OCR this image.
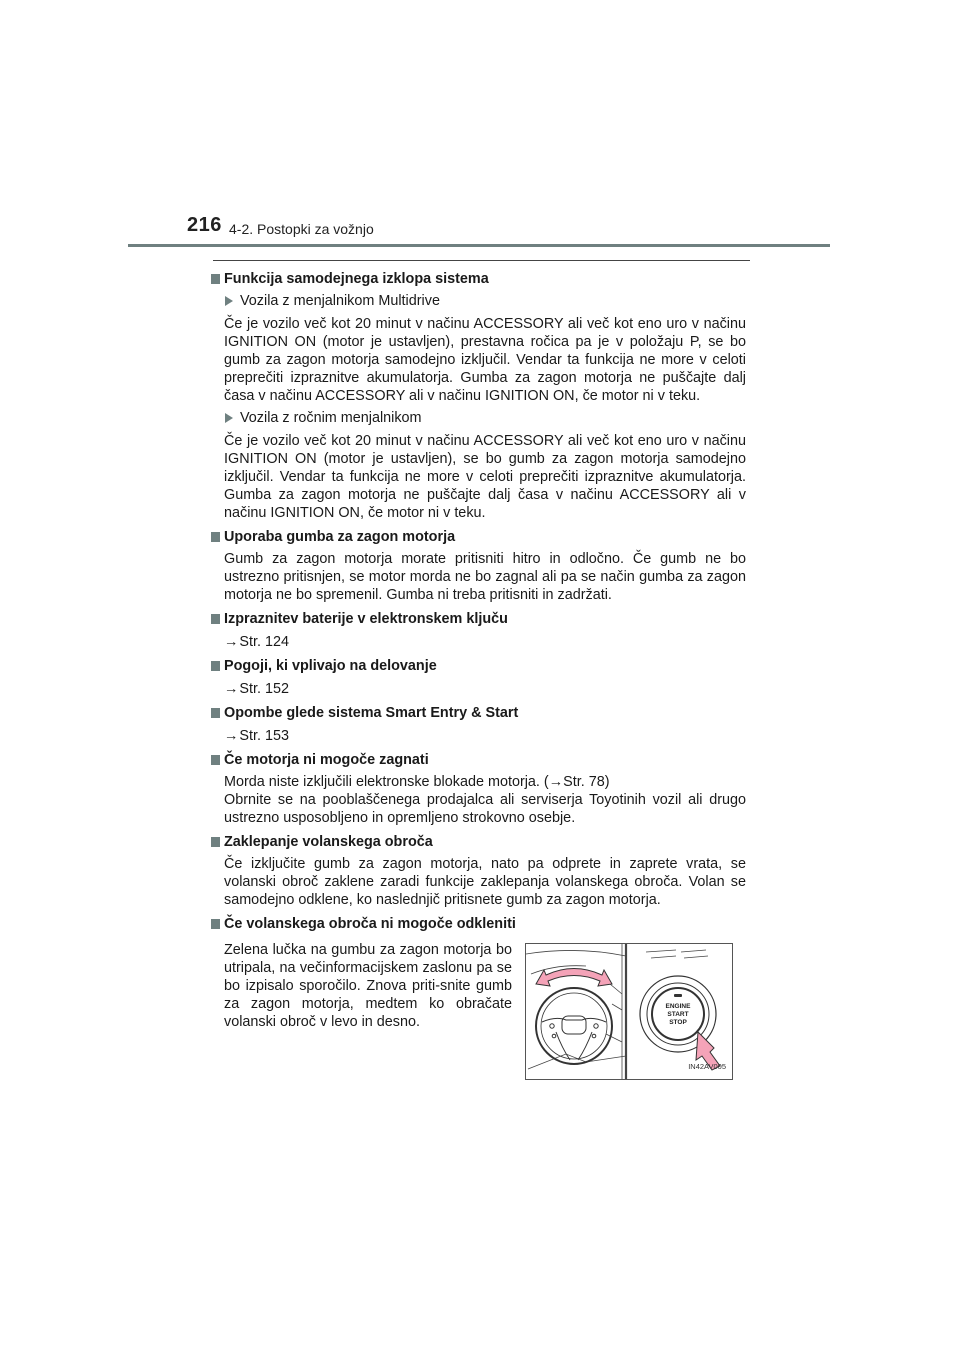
216 4-2. Postopki za vožnjo
Funkcija samodejnega izklopa sistema
Vozila z menjalnikom Multidrive

Če je vozilo več kot 20 minut v načinu ACCESSORY ali več kot eno uro v načinu IGNITION ON (motor je ustavljen), prestavna ročica pa je v položaju P, se bo gumb za zagon motorja samodejno izključil. Vendar ta funkcija ne more v celoti preprečiti izpraznitve akumulatorja. Gumba za zagon motorja ne puščajte dalj časa v načinu ACCESSORY ali v načinu IGNITION ON, če motor ni v teku.

Vozila z ročnim menjalnikom

Če je vozilo več kot 20 minut v načinu ACCESSORY ali več kot eno uro v načinu IGNITION ON (motor je ustavljen), se bo gumb za zagon motorja samodejno izključil. Vendar ta funkcija ne more v celoti preprečiti izpraznitve akumulatorja. Gumba za zagon motorja ne puščajte dalj časa v načinu ACCESSORY ali v načinu IGNITION ON, če motor ni v teku.

Uporaba gumba za zagon motorja

Gumb za zagon motorja morate pritisniti hitro in odločno. Če gumb ne bo ustrezno pritisnjen, se motor morda ne bo zagnal ali pa se način gumba za zagon motorja ne bo spremenil. Gumba ni treba pritisniti in zadržati.

Izpraznitev baterije v elektronskem ključu
→Str. 124
Pogoji, ki vplivajo na delovanje
→Str. 152
Opombe glede sistema Smart Entry & Start
→Str. 153
Če motorja ni mogoče zagnati
Morda niste izključili elektronske blokade motorja. (→Str. 78)

Obrnite se na pooblaščenega prodajalca ali serviserja Toyotinih vozil ali drugo ustrezno usposobljeno in opremljeno strokovno osebje.

Zaklepanje volanskega obroča

Če izključite gumb za zagon motorja, nato pa odprete in zaprete vrata, se volanski obroč zaklene zaradi funkcije zaklepanja volanskega obroča. Volan se samodejno odklene, ko naslednjič pritisnete gumb za zagon motorja.

Če volanskega obroča ni mogoče odkleniti

Zelena lučka na gumbu za zagon motorja bo utripala, na večinformacijskem zaslonu pa se bo izpisalo sporočilo. Znova priti-snite gumb za zagon motorja, medtem ko obračate volanski obroč v levo in desno.

ENGINE
START
STOP
IN42AV005
